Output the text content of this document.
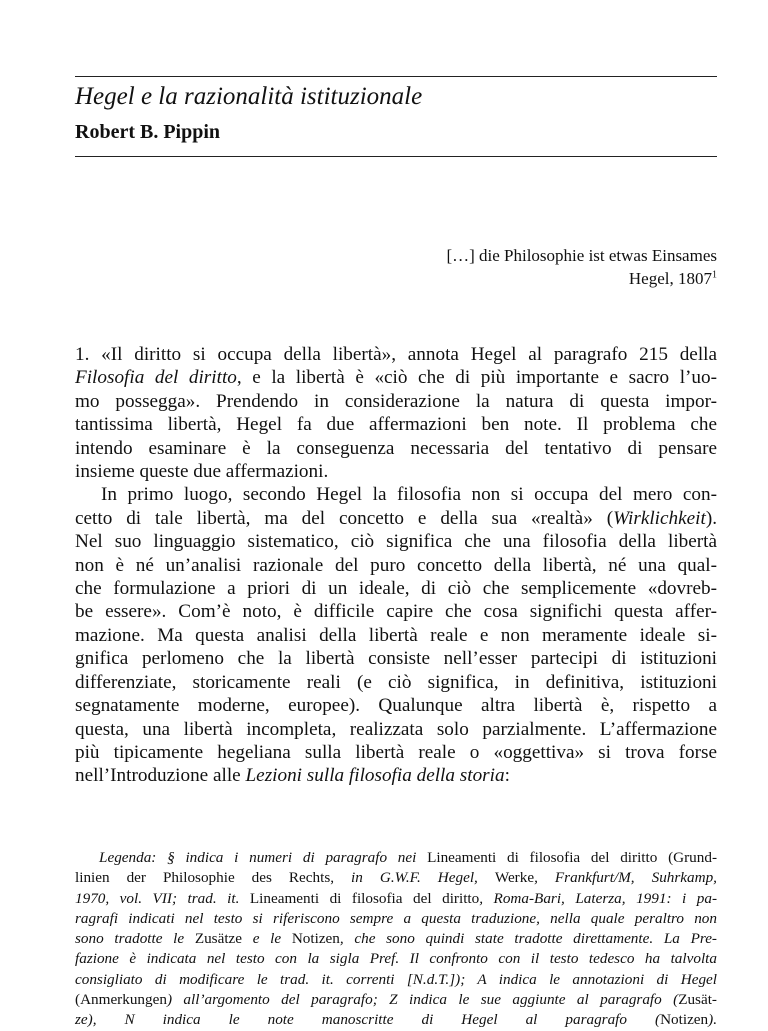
Hegel e la razionalità istituzionale
Robert B. Pippin
[…] die Philosophie ist etwas Einsames
Hegel, 1807$^1$
1. «Il diritto si occupa della libertà», annota Hegel al paragrafo 215 della
Filosofia del diritto, e la libertà è «ciò che di più importante e sacro l’uo-
mo possegga». Prendendo in considerazione la natura di questa impor-
tantissima libertà, Hegel fa due affermazioni ben note. Il problema che
intendo esaminare è la conseguenza necessaria del tentativo di pensare
insieme queste due affermazioni.
In primo luogo, secondo Hegel la filosofia non si occupa del mero con-
cetto di tale libertà, ma del concetto e della sua «realtà» (Wirklichkeit).
Nel suo linguaggio sistematico, ciò significa che una filosofia della libertà
non è né un’analisi razionale del puro concetto della libertà, né una qual-
che formulazione a priori di un ideale, di ciò che semplicemente «dovreb-
be essere». Com’è noto, è difficile capire che cosa significhi questa affer-
mazione. Ma questa analisi della libertà reale e non meramente ideale si-
gnifica perlomeno che la libertà consiste nell’esser partecipi di istituzioni
differenziate, storicamente reali (e ciò significa, in definitiva, istituzioni
segnatamente moderne, europee). Qualunque altra libertà è, rispetto a
questa, una libertà incompleta, realizzata solo parzialmente. L’affermazione
più tipicamente hegeliana sulla libertà reale o «oggettiva» si trova forse
nell’Introduzione alle Lezioni sulla filosofia della storia:
Legenda: § indica i numeri di paragrafo nei Lineamenti di filosofia del diritto (Grund-
linien der Philosophie des Rechts, in G.W.F. Hegel, Werke, Frankfurt/M, Suhrkamp,
1970, vol. VII; trad. it. Lineamenti di filosofia del diritto, Roma-Bari, Laterza, 1991: i pa-
ragrafi indicati nel testo si riferiscono sempre a questa traduzione, nella quale peraltro non
sono tradotte le Zusätze e le Notizen, che sono quindi state tradotte direttamente. La Pre-
fazione è indicata nel testo con la sigla Pref. Il confronto con il testo tedesco ha talvolta
consigliato di modificare le trad. it. correnti [N.d.T.]); A indica le annotazioni di Hegel
(Anmerkungen) all’argomento del paragrafo; Z indica le sue aggiunte al paragrafo (Zusät-
ze), N indica le note manoscritte di Hegel al paragrafo (Notizen).
